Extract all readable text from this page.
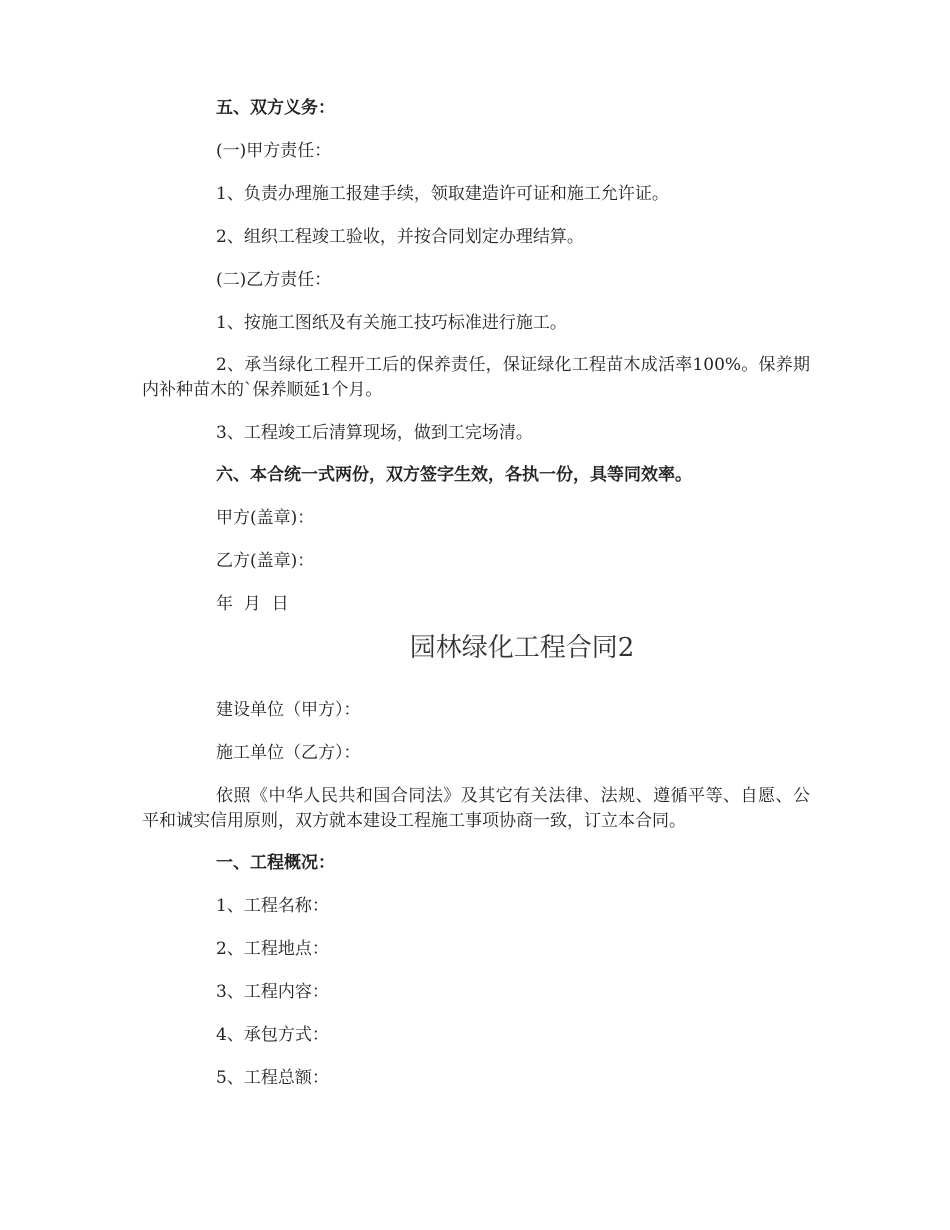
五、双方义务：
(一)甲方责任：
1、负责办理施工报建手续，领取建造许可证和施工允许证。
2、组织工程竣工验收，并按合同划定办理结算。
(二)乙方责任：
1、按施工图纸及有关施工技巧标准进行施工。
2、承当绿化工程开工后的保养责任，保证绿化工程苗木成活率100%。保养期内补种苗木的`保养顺延1个月。
3、工程竣工后清算现场，做到工完场清。
六、本合统一式两份，双方签字生效，各执一份，具等同效率。
甲方(盖章)：
乙方(盖章)：
年  月  日
园林绿化工程合同2
建设单位（甲方）：
施工单位（乙方）：
依照《中华人民共和国合同法》及其它有关法律、法规、遵循平等、自愿、公平和诚实信用原则，双方就本建设工程施工事项协商一致，订立本合同。
一、工程概况：
1、工程名称：
2、工程地点：
3、工程内容：
4、承包方式：
5、工程总额：
